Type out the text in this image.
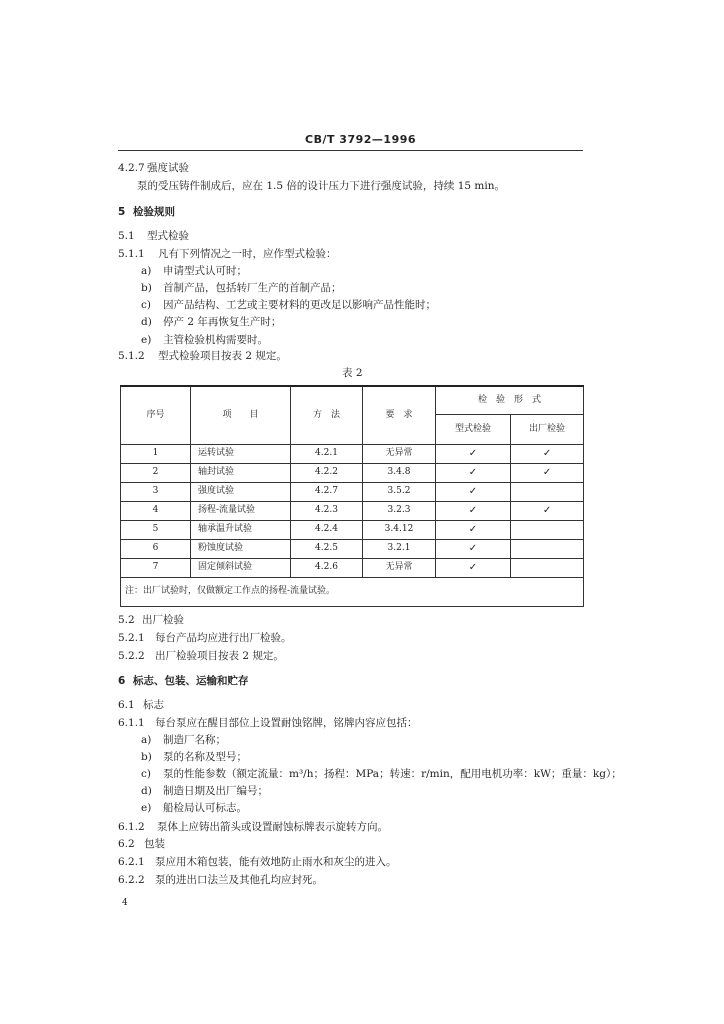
CB/T 3792—1996
4.2.7 强度试验
泵的受压铸件制成后，应在 1.5 倍的设计压力下进行强度试验，持续 15 min。
5 检验规则
5.1 型式检验
5.1.1 凡有下列情况之一时，应作型式检验：
a) 申请型式认可时；
b) 首制产品，包括转厂生产的首制产品；
c) 因产品结构、工艺或主要材料的更改足以影响产品性能时；
d) 停产 2 年再恢复生产时；
e) 主管检验机构需要时。
5.1.2 型式检验项目按表 2 规定。
表 2
序号	项　　目	方　法	要　求	检　验　形　式	
				型式检验	出厂检验
1	运转试验	4.2.1	无异常	✓	✓
2	轴封试验	4.2.2	3.4.8	✓	✓
3	强度试验	4.2.7	3.5.2	✓	
4	扬程-流量试验	4.2.3	3.2.3	✓	✓
5	轴承温升试验	4.2.4	3.4.12	✓	
6	粉蚀度试验	4.2.5	3.2.1	✓	
7	固定倾斜试验	4.2.6	无异常	✓	
注：出厂试验时，仅做额定工作点的扬程-流量试验。					
5.2 出厂检验
5.2.1 每台产品均应进行出厂检验。
5.2.2 出厂检验项目按表 2 规定。
6 标志、包装、运输和贮存
6.1 标志
6.1.1 每台泵应在醒目部位上设置耐蚀铭牌，铭牌内容应包括：
a) 制造厂名称；
b) 泵的名称及型号；
c) 泵的性能参数（额定流量：m³/h；扬程：MPa；转速：r/min，配用电机功率：kW；重量：kg）；
d) 制造日期及出厂编号；
e) 船检局认可标志。
6.1.2 泵体上应铸出箭头或设置耐蚀标牌表示旋转方向。
6.2 包装
6.2.1 泵应用木箱包装，能有效地防止雨水和灰尘的进入。
6.2.2 泵的进出口法兰及其他孔均应封死。
4
